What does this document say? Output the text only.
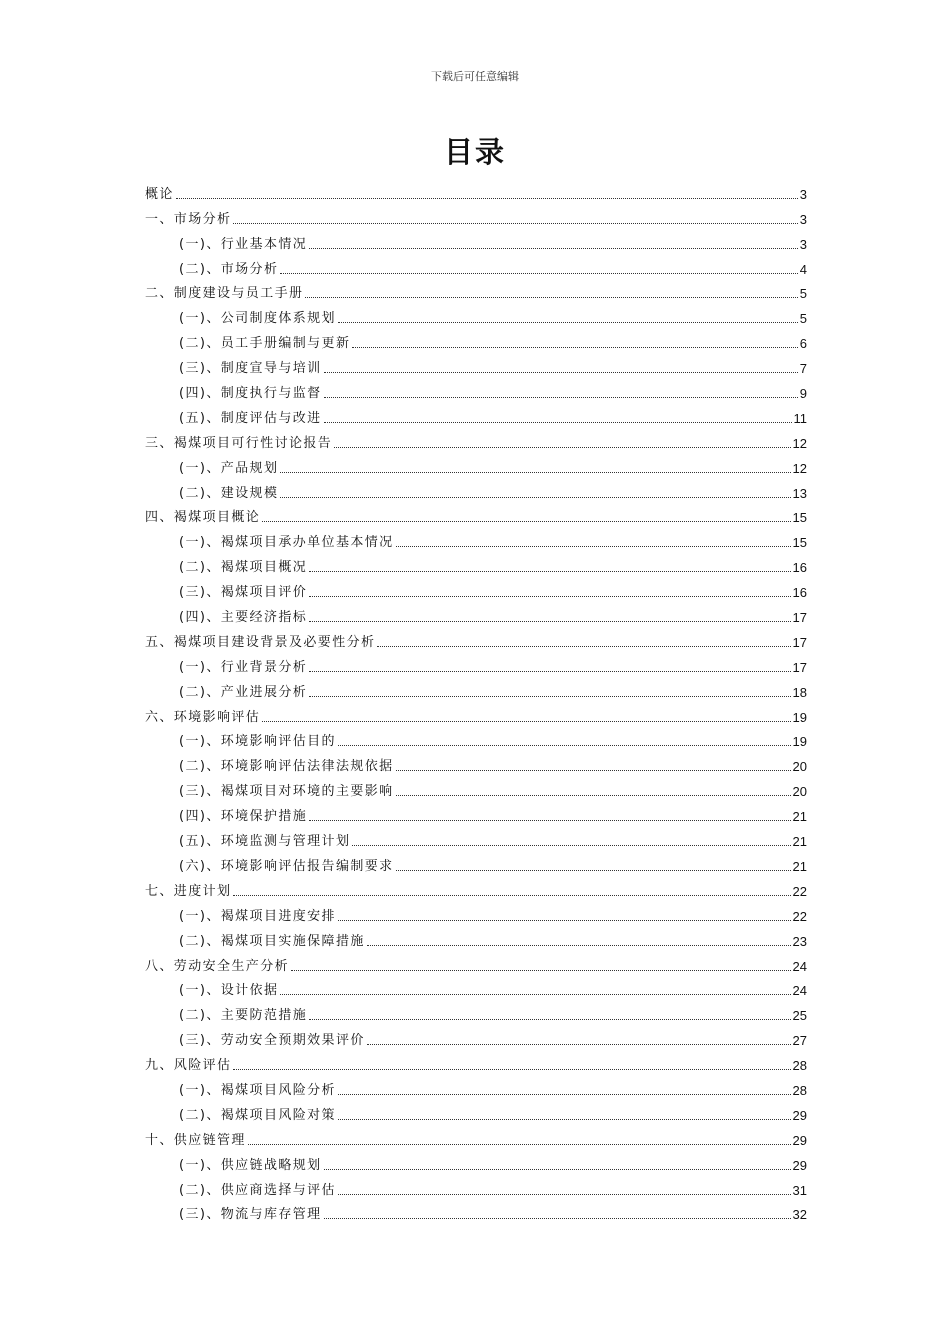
下载后可任意编辑
目录
概论	3
一、市场分析	3
(一)、行业基本情况	3
(二)、市场分析	4
二、制度建设与员工手册	5
(一)、公司制度体系规划	5
(二)、员工手册编制与更新	6
(三)、制度宣导与培训	7
(四)、制度执行与监督	9
(五)、制度评估与改进	11
三、褐煤项目可行性讨论报告	12
(一)、产品规划	12
(二)、建设规模	13
四、褐煤项目概论	15
(一)、褐煤项目承办单位基本情况	15
(二)、褐煤项目概况	16
(三)、褐煤项目评价	16
(四)、主要经济指标	17
五、褐煤项目建设背景及必要性分析	17
(一)、行业背景分析	17
(二)、产业进展分析	18
六、环境影响评估	19
(一)、环境影响评估目的	19
(二)、环境影响评估法律法规依据	20
(三)、褐煤项目对环境的主要影响	20
(四)、环境保护措施	21
(五)、环境监测与管理计划	21
(六)、环境影响评估报告编制要求	21
七、进度计划	22
(一)、褐煤项目进度安排	22
(二)、褐煤项目实施保障措施	23
八、劳动安全生产分析	24
(一)、设计依据	24
(二)、主要防范措施	25
(三)、劳动安全预期效果评价	27
九、风险评估	28
(一)、褐煤项目风险分析	28
(二)、褐煤项目风险对策	29
十、供应链管理	29
(一)、供应链战略规划	29
(二)、供应商选择与评估	31
(三)、物流与库存管理	32
